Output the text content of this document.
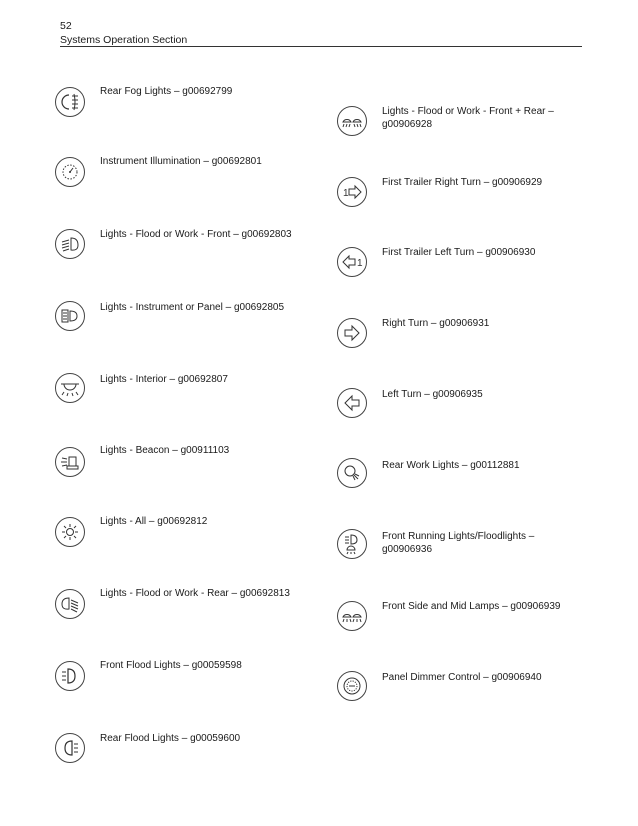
52
Systems Operation Section
Rear Fog Lights – g00692799
Instrument Illumination – g00692801
Lights - Flood or Work - Front – g00692803
Lights - Instrument or Panel – g00692805
Lights - Interior – g00692807
Lights - Beacon – g00911103
Lights - All – g00692812
Lights - Flood or Work - Rear – g00692813
Front Flood Lights – g00059598
Rear Flood Lights – g00059600
Lights - Flood or Work - Front + Rear – g00906928
1
First Trailer Right Turn – g00906929
1
First Trailer Left Turn – g00906930
Right Turn – g00906931
Left Turn – g00906935
Rear Work Lights – g00112881
Front Running Lights/Floodlights – g00906936
Front Side and Mid Lamps – g00906939
Panel Dimmer Control – g00906940
